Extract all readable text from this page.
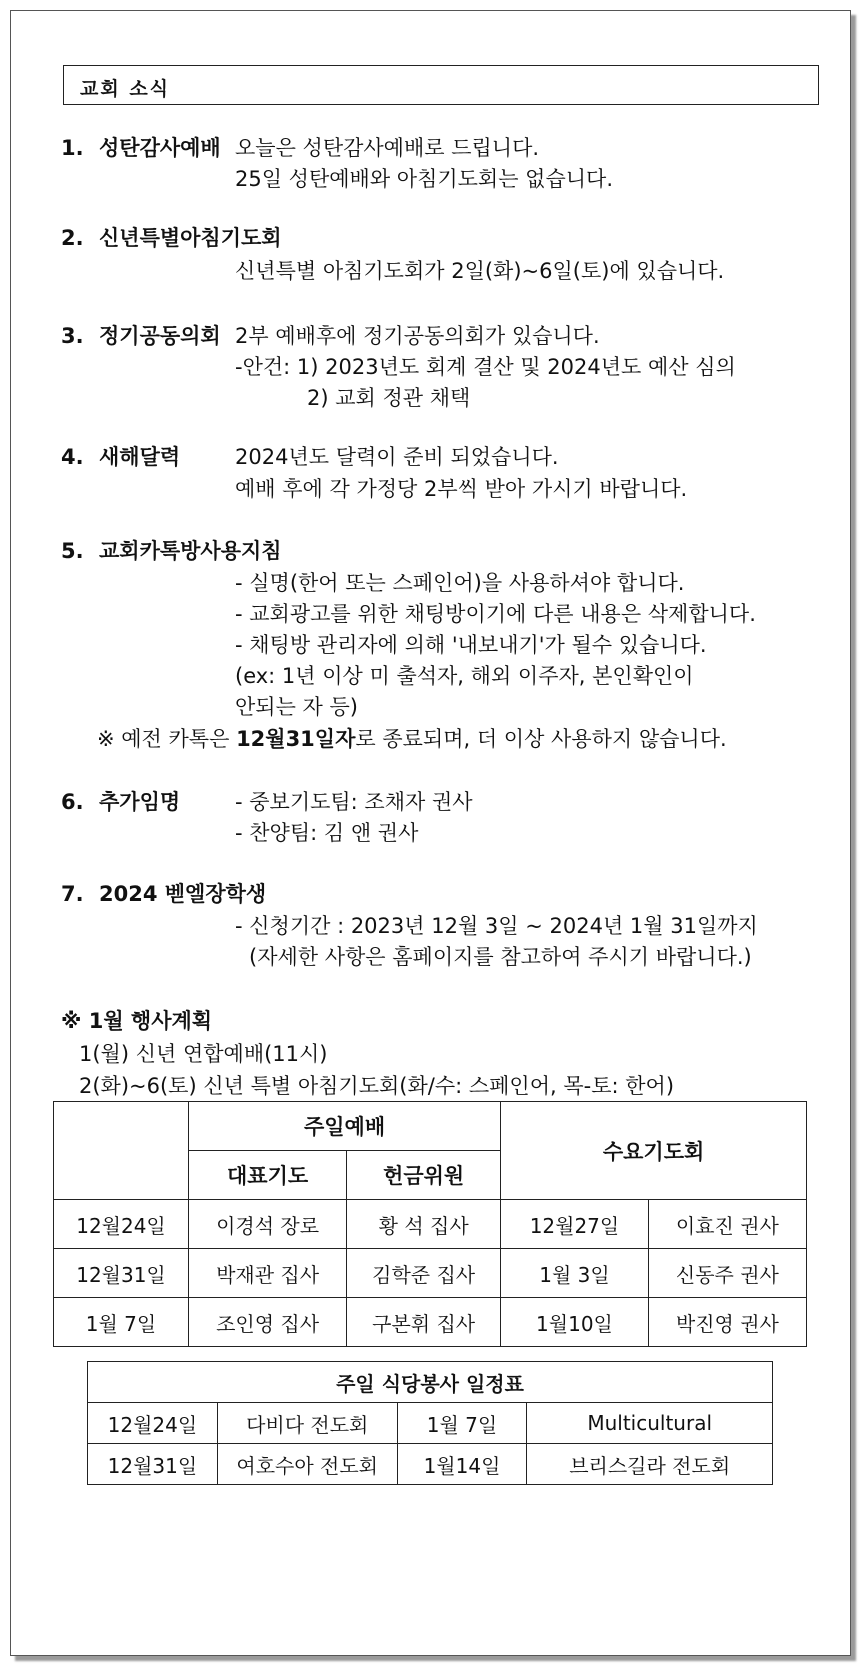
교회 소식
1. 성탄감사예배 오늘은 성탄감사예배로 드립니다.
25일 성탄예배와 아침기도회는 없습니다.
2. 신년특별아침기도회
신년특별 아침기도회가 2일(화)~6일(토)에 있습니다.
3. 정기공동의회 2부 예배후에 정기공동의회가 있습니다.
-안건: 1) 2023년도 회계 결산 및 2024년도 예산 심의
2) 교회 정관 채택
4. 새해달력	2024년도 달력이 준비 되었습니다.
예배 후에 각 가정당 2부씩 받아 가시기 바랍니다.
5. 교회카톡방사용지침
- 실명(한어 또는 스페인어)을 사용하셔야 합니다.
- 교회광고를 위한 채팅방이기에 다른 내용은 삭제합니다.
- 채팅방 관리자에 의해 '내보내기'가 될수 있습니다.
(ex: 1년 이상 미 출석자, 해외 이주자, 본인확인이
안되는 자 등)
※ 예전 카톡은 12월31일자로 종료되며, 더 이상 사용하지 않습니다.
6. 추가임명	- 중보기도팀: 조채자 권사
- 찬양팀: 김 앤 권사
7. 2024 벧엘장학생
- 신청기간 : 2023년 12월 3일 ~ 2024년 1월 31일까지
(자세한 사항은 홈페이지를 참고하여 주시기 바랍니다.)
※ 1월 행사계획
1(월) 신년 연합예배(11시)
2(화)~6(토) 신년 특별 아침기도회(화/수: 스페인어, 목-토: 한어)
	주일예배		수요기도회	
	대표기도	헌금위원		
12월24일	이경석 장로	황 석 집사	12월27일	이효진 권사
12월31일	박재관 집사	김학준 집사	1월 3일	신동주 권사
1월 7일	조인영 집사	구본휘 집사	1월10일	박진영 권사
주일 식당봉사 일정표			
12월24일	다비다 전도회	1월 7일	Multicultural
12월31일	여호수아 전도회	1월14일	브리스길라 전도회
